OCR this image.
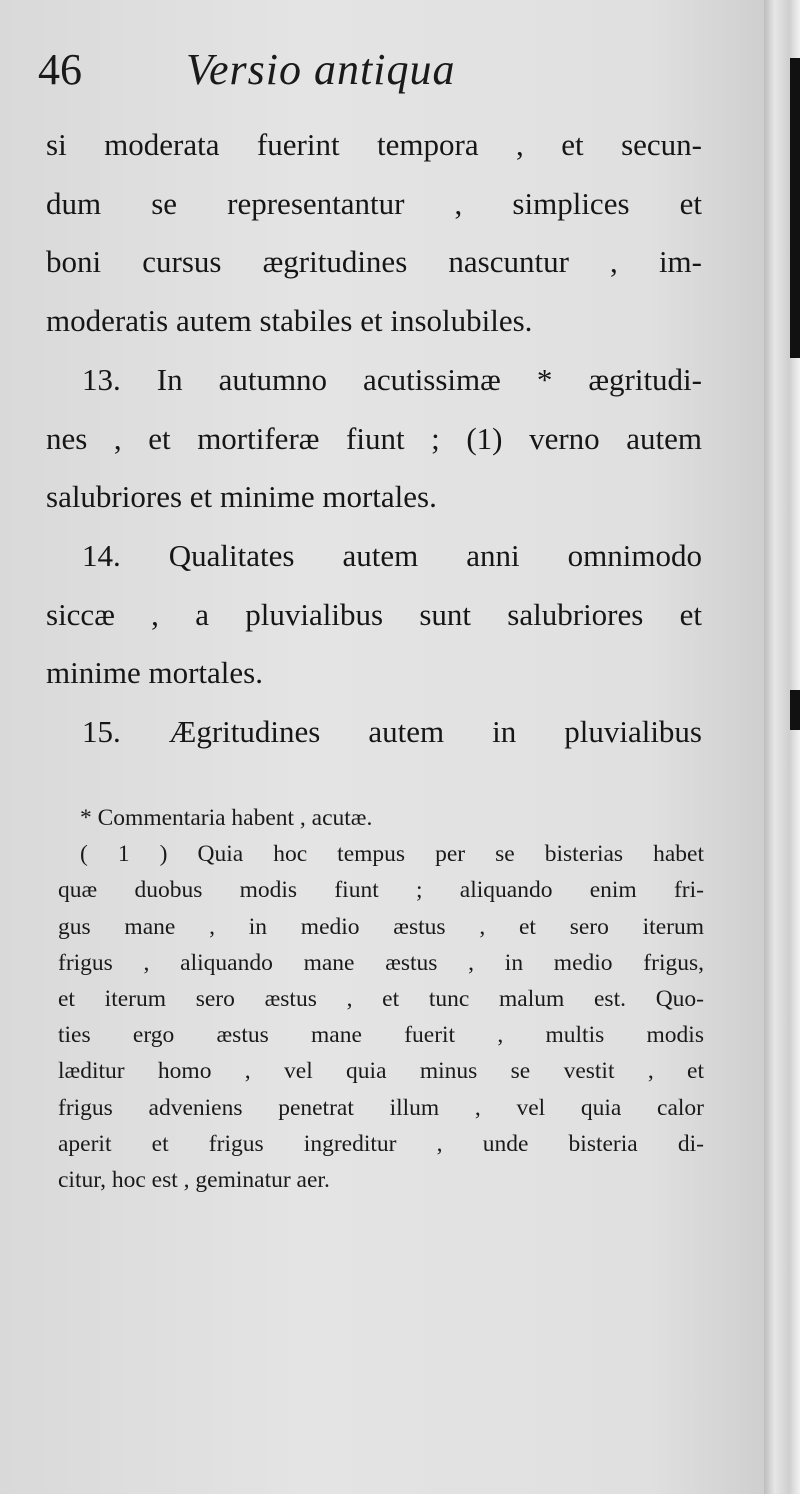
46 Versio antiqua
si moderata fuerint tempora , et secun-
dum se representantur , simplices et
boni cursus ægritudines nascuntur , im-
moderatis autem stabiles et insolubiles.
13. In autumno acutissimæ * ægritudi-
nes , et mortiferæ fiunt ; (1) verno autem
salubriores et minime mortales.
14. Qualitates autem anni omnimodo
siccæ , a pluvialibus sunt salubriores et
minime mortales.
15. Ægritudines autem in pluvialibus
* Commentaria habent , acutæ.
( 1 ) Quia hoc tempus per se bisterias habet
quæ duobus modis fiunt ; aliquando enim fri-
gus mane , in medio æstus , et sero iterum
frigus , aliquando mane æstus , in medio frigus,
et iterum sero æstus , et tunc malum est. Quo-
ties ergo æstus mane fuerit , multis modis
læditur homo , vel quia minus se vestit , et
frigus adveniens penetrat illum , vel quia calor
aperit et frigus ingreditur , unde bisteria di-
citur, hoc est , geminatur aer.
